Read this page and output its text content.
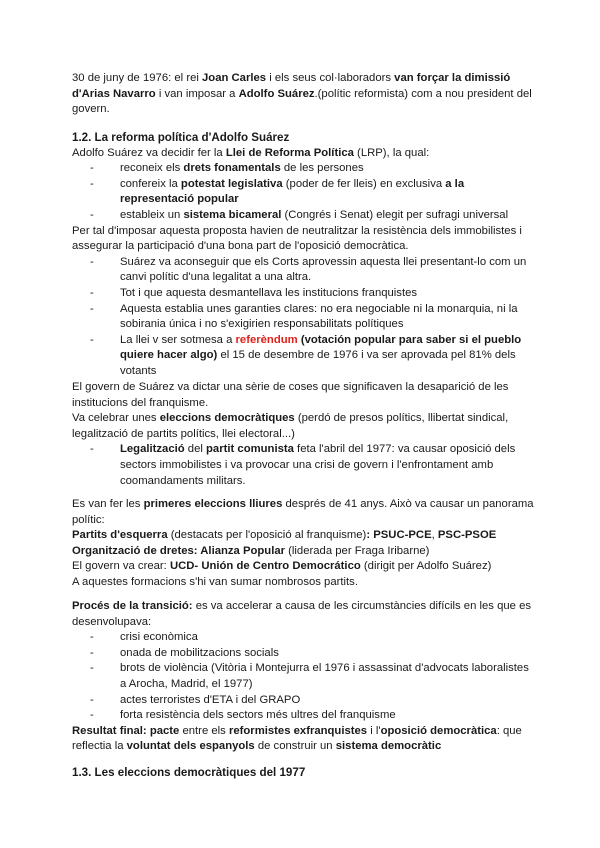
30 de juny de 1976: el rei Joan Carles i els seus col·laboradors van forçar la dimissió d'Arias Navarro i van imposar a Adolfo Suárez.(polític reformista) com a nou president del govern.

1.2. La reforma política d'Adolfo Suárez

Adolfo Suárez va decidir fer la Llei de Reforma Política (LRP), la qual:

- reconeix els drets fonamentals de les persones
- confereix la potestat legislativa (poder de fer lleis) en exclusiva a la representació popular
- estableix un sistema bicameral (Congrés i Senat) elegit per sufragi universal

Per tal d'imposar aquesta proposta havien de neutralitzar la resistència dels immobilistes i assegurar la participació d'una bona part de l'oposició democràtica.

- Suárez va aconseguir que els Corts aprovessin aquesta llei presentant-lo com un canvi polític d'una legalitat a una altra.
- Tot i que aquesta desmantellava les institucions franquistes
- Aquesta establia unes garanties clares: no era negociable ni la monarquia, ni la sobirania única i no s'exigirien responsabilitats polítiques
- La llei v ser sotmesa a referèndum (votación popular para saber si el pueblo quiere hacer algo) el 15 de desembre de 1976 i va ser aprovada pel 81% dels votants

El govern de Suárez va dictar una sèrie de coses que significaven la desaparició de les institucions del franquisme.

Va celebrar unes eleccions democràtiques (perdó de presos polítics, llibertat sindical, legalització de partits polítics, llei electoral...)

- Legalització del partit comunista feta l'abril del 1977: va causar oposició dels sectors immobilistes i va provocar una crisi de govern i l'enfrontament amb coomandaments militars.

Es van fer les primeres eleccions lliures després de 41 anys. Això va causar un panorama polític:

Partits d'esquerra (destacats per l'oposició al franquisme): PSUC-PCE, PSC-PSOE

Organització de dretes: Alianza Popular (liderada per Fraga Iribarne)

El govern va crear: UCD- Unión de Centro Democrático (dirigit per Adolfo Suárez)

A aquestes formacions s'hi van sumar nombrosos partits.

Procés de la transició: es va accelerar a causa de les circumstàncies difícils en les que es desenvolupava:

- crisi econòmica
- onada de mobilitzacions socials
- brots de violència (Vitòria i Montejurra el 1976 i assassinat d'advocats laboralistes a Arocha, Madrid, el 1977)
- actes terroristes d'ETA i del GRAPO
- forta resistència dels sectors més ultres del franquisme

Resultat final: pacte entre els reformistes exfranquistes i l'oposició democràtica: que reflectia la voluntat dels espanyols de construir un sistema democràtic

1.3. Les eleccions democràtiques del 1977
